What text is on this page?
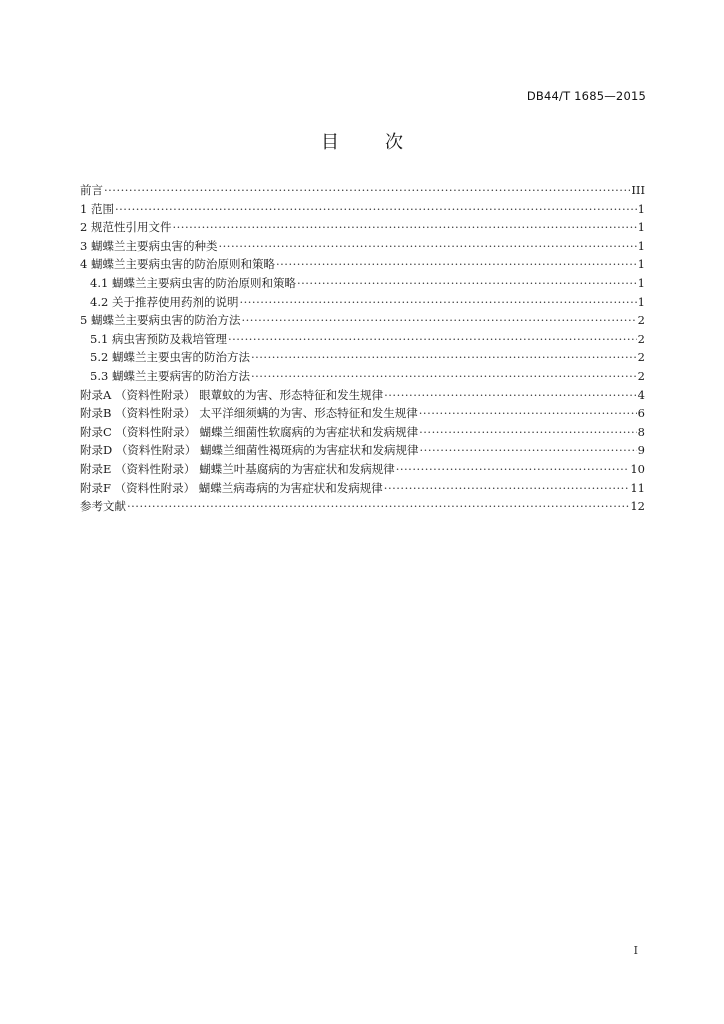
DB44/T 1685—2015
目	次
前言 ·····	III
1 范围 ·····	1
2 规范性引用文件 ·····	1
3 蝴蝶兰主要病虫害的种类 ·····	1
4 蝴蝶兰主要病虫害的防治原则和策略 ·····	1
4.1 蝴蝶兰主要病虫害的防治原则和策略 ·····	1
4.2 关于推荐使用药剂的说明 ·····	1
5 蝴蝶兰主要病虫害的防治方法 ·····	2
5.1 病虫害预防及栽培管理 ·····	2
5.2 蝴蝶兰主要虫害的防治方法 ·····	2
5.3 蝴蝶兰主要病害的防治方法 ·····	2
附录A （资料性附录） 眼蕈蚊的为害、形态特征和发生规律 ·····	4
附录B （资料性附录） 太平洋细须螨的为害、形态特征和发生规律 ·····	6
附录C （资料性附录） 蝴蝶兰细菌性软腐病的为害症状和发病规律 ·····	8
附录D （资料性附录） 蝴蝶兰细菌性褐斑病的为害症状和发病规律 ·····	9
附录E （资料性附录） 蝴蝶兰叶基腐病的为害症状和发病规律 ·····	10
附录F （资料性附录） 蝴蝶兰病毒病的为害症状和发病规律 ·····	11
参考文献 ·····	12
I
